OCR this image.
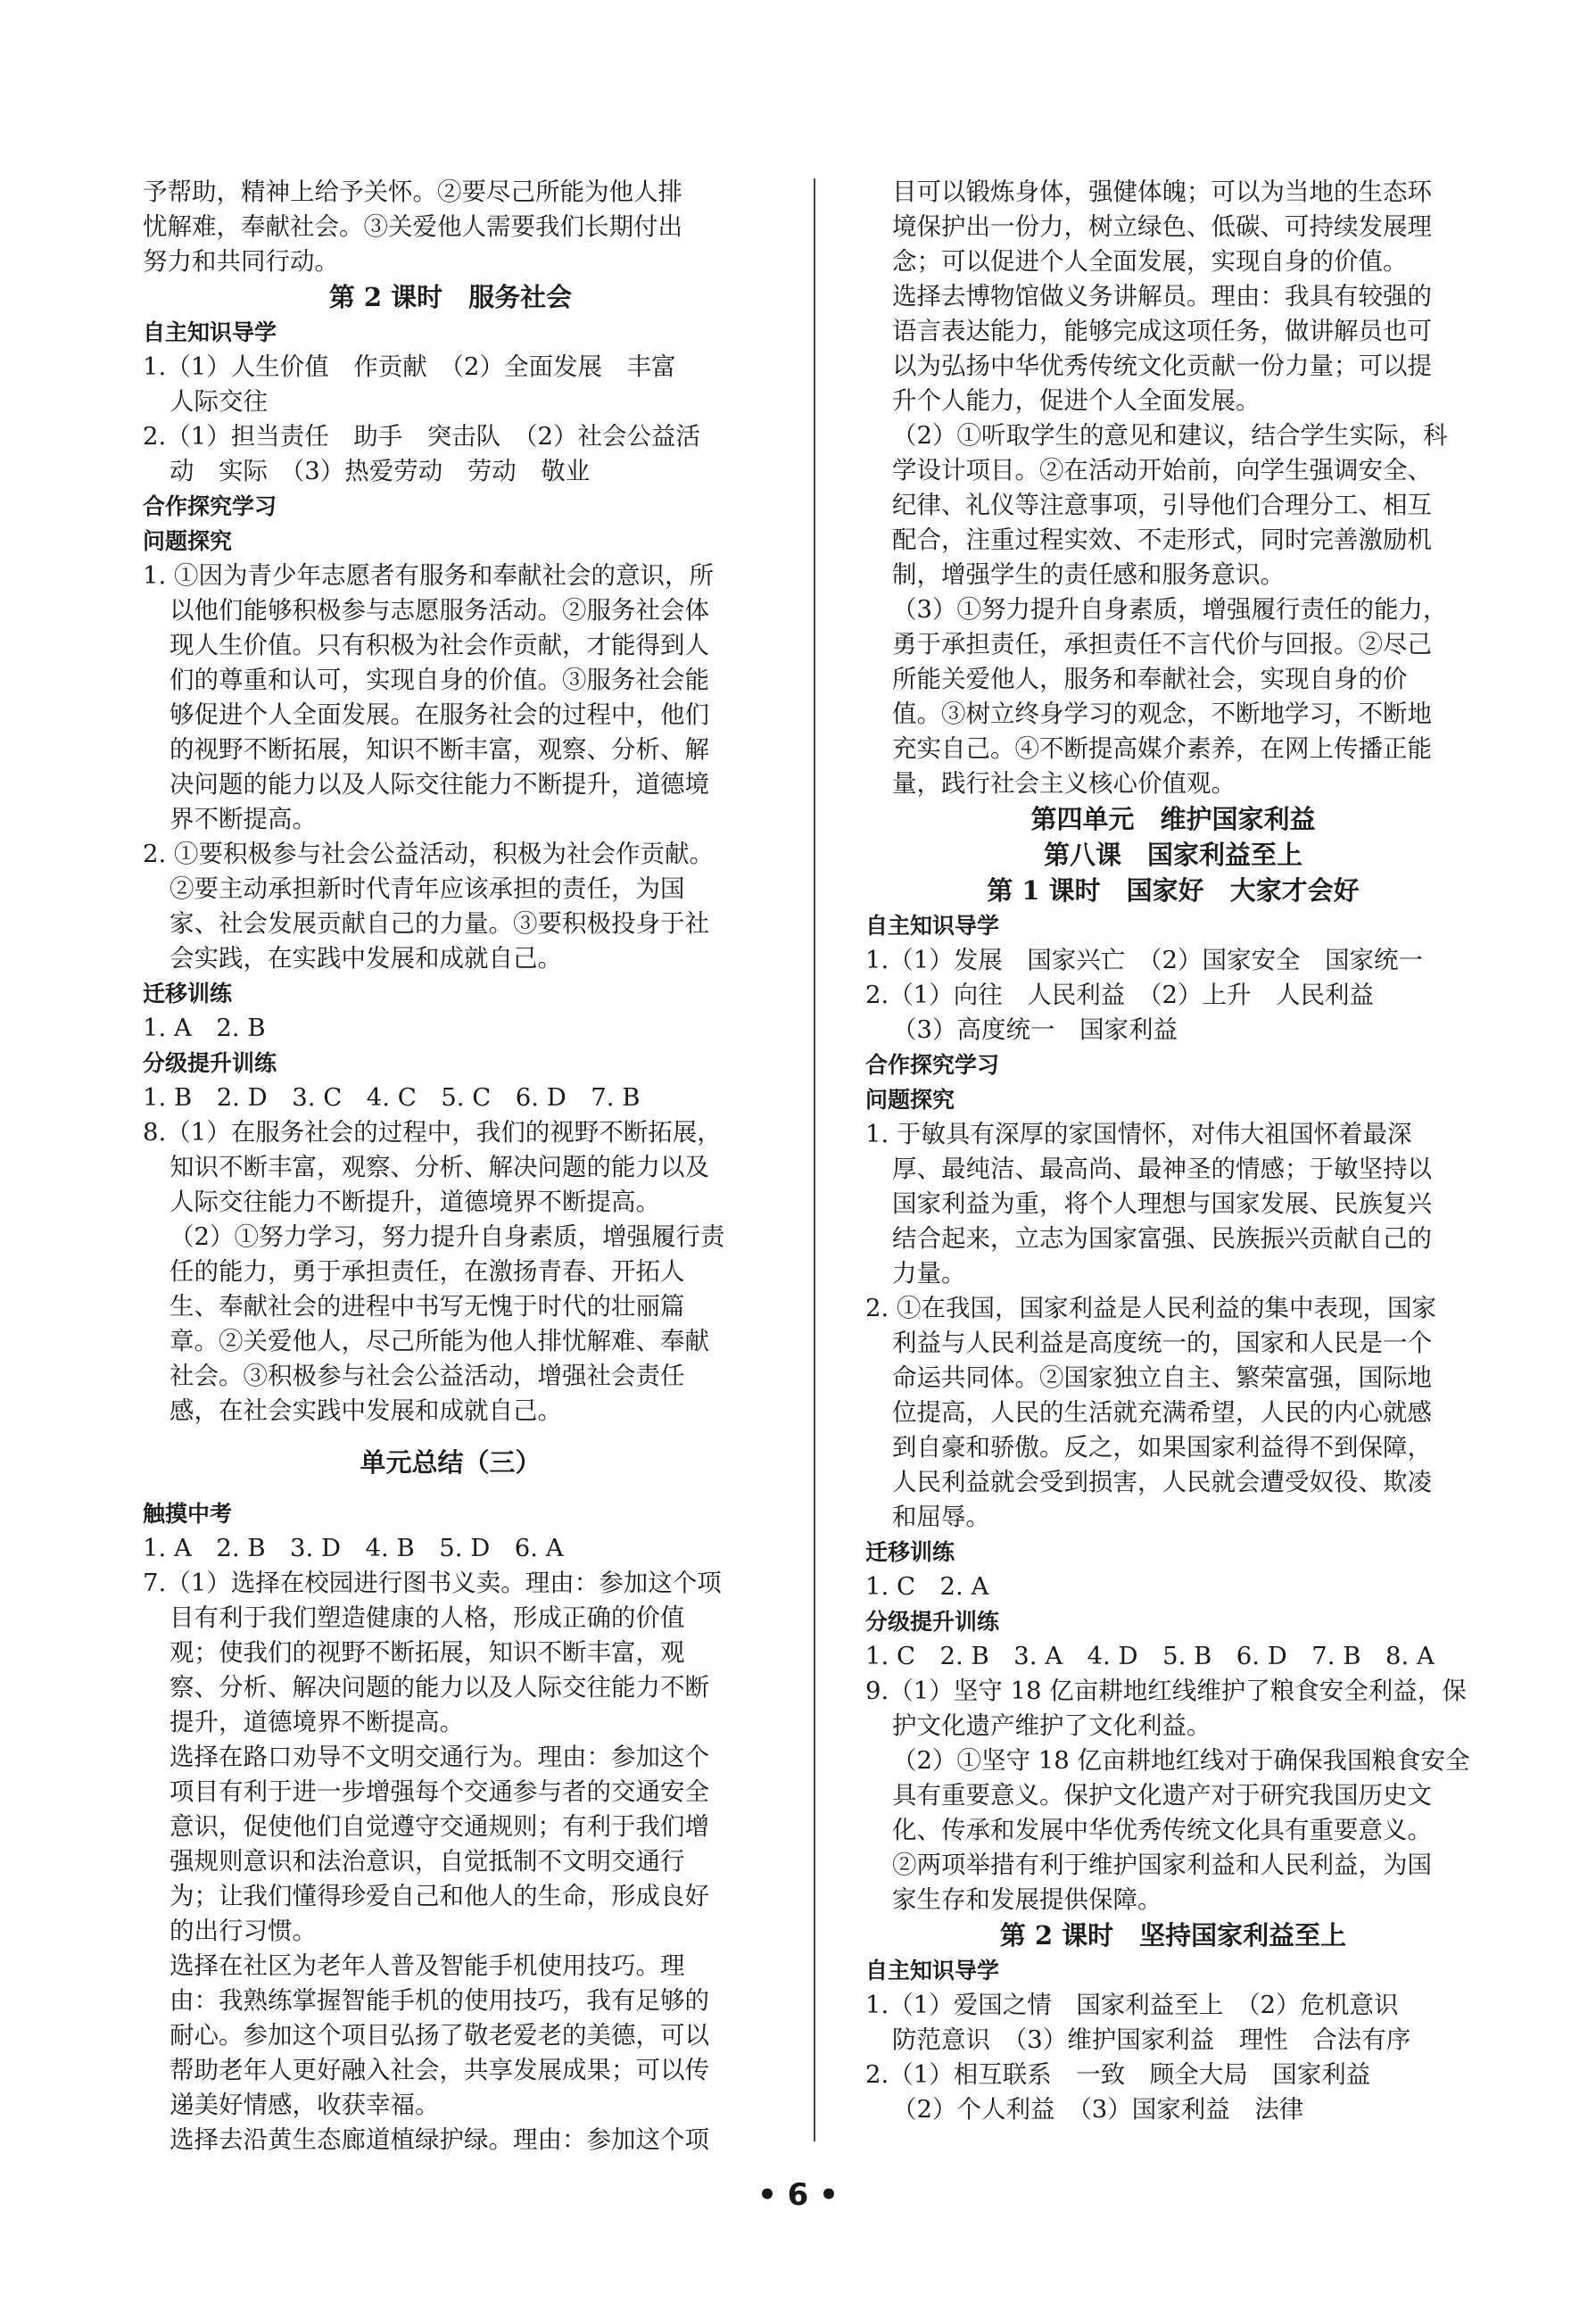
予帮助，精神上给予关怀。②要尽己所能为他人排
忧解难，奉献社会。③关爱他人需要我们长期付出
努力和共同行动。
第 2 课时　服务社会
自主知识导学
1.（1）人生价值　作贡献　（2）全面发展　丰富
人际交往
2.（1）担当责任　助手　突击队　（2）社会公益活
动　实际　（3）热爱劳动　劳动　敬业
合作探究学习
问题探究
1. ①因为青少年志愿者有服务和奉献社会的意识，所
以他们能够积极参与志愿服务活动。②服务社会体
现人生价值。只有积极为社会作贡献，才能得到人
们的尊重和认可，实现自身的价值。③服务社会能
够促进个人全面发展。在服务社会的过程中，他们
的视野不断拓展，知识不断丰富，观察、分析、解
决问题的能力以及人际交往能力不断提升，道德境
界不断提高。
2. ①要积极参与社会公益活动，积极为社会作贡献。
②要主动承担新时代青年应该承担的责任，为国
家、社会发展贡献自己的力量。③要积极投身于社
会实践，在实践中发展和成就自己。
迁移训练
1. A　2. B
分级提升训练
1. B　2. D　3. C　4. C　5. C　6. D　7. B
8.（1）在服务社会的过程中，我们的视野不断拓展，
知识不断丰富，观察、分析、解决问题的能力以及
人际交往能力不断提升，道德境界不断提高。
（2）①努力学习，努力提升自身素质，增强履行责
任的能力，勇于承担责任，在激扬青春、开拓人
生、奉献社会的进程中书写无愧于时代的壮丽篇
章。②关爱他人，尽己所能为他人排忧解难、奉献
社会。③积极参与社会公益活动，增强社会责任
感，在社会实践中发展和成就自己。
单元总结（三）
触摸中考
1. A　2. B　3. D　4. B　5. D　6. A
7.（1）选择在校园进行图书义卖。理由：参加这个项
目有利于我们塑造健康的人格，形成正确的价值
观；使我们的视野不断拓展，知识不断丰富，观
察、分析、解决问题的能力以及人际交往能力不断
提升，道德境界不断提高。
选择在路口劝导不文明交通行为。理由：参加这个
项目有利于进一步增强每个交通参与者的交通安全
意识，促使他们自觉遵守交通规则；有利于我们增
强规则意识和法治意识，自觉抵制不文明交通行
为；让我们懂得珍爱自己和他人的生命，形成良好
的出行习惯。
选择在社区为老年人普及智能手机使用技巧。理
由：我熟练掌握智能手机的使用技巧，我有足够的
耐心。参加这个项目弘扬了敬老爱老的美德，可以
帮助老年人更好融入社会，共享发展成果；可以传
递美好情感，收获幸福。
选择去沿黄生态廊道植绿护绿。理由：参加这个项
目可以锻炼身体，强健体魄；可以为当地的生态环
境保护出一份力，树立绿色、低碳、可持续发展理
念；可以促进个人全面发展，实现自身的价值。
选择去博物馆做义务讲解员。理由：我具有较强的
语言表达能力，能够完成这项任务，做讲解员也可
以为弘扬中华优秀传统文化贡献一份力量；可以提
升个人能力，促进个人全面发展。
（2）①听取学生的意见和建议，结合学生实际，科
学设计项目。②在活动开始前，向学生强调安全、
纪律、礼仪等注意事项，引导他们合理分工、相互
配合，注重过程实效、不走形式，同时完善激励机
制，增强学生的责任感和服务意识。
（3）①努力提升自身素质，增强履行责任的能力，
勇于承担责任，承担责任不言代价与回报。②尽己
所能关爱他人，服务和奉献社会，实现自身的价
值。③树立终身学习的观念，不断地学习，不断地
充实自己。④不断提高媒介素养，在网上传播正能
量，践行社会主义核心价值观。
第四单元　维护国家利益
第八课　国家利益至上
第 1 课时　国家好　大家才会好
自主知识导学
1.（1）发展　国家兴亡　（2）国家安全　国家统一
2.（1）向往　人民利益　（2）上升　人民利益
（3）高度统一　国家利益
合作探究学习
问题探究
1. 于敏具有深厚的家国情怀，对伟大祖国怀着最深
厚、最纯洁、最高尚、最神圣的情感；于敏坚持以
国家利益为重，将个人理想与国家发展、民族复兴
结合起来，立志为国家富强、民族振兴贡献自己的
力量。
2. ①在我国，国家利益是人民利益的集中表现，国家
利益与人民利益是高度统一的，国家和人民是一个
命运共同体。②国家独立自主、繁荣富强，国际地
位提高，人民的生活就充满希望，人民的内心就感
到自豪和骄傲。反之，如果国家利益得不到保障，
人民利益就会受到损害，人民就会遭受奴役、欺凌
和屈辱。
迁移训练
1. C　2. A
分级提升训练
1. C　2. B　3. A　4. D　5. B　6. D　7. B　8. A
9.（1）坚守 18 亿亩耕地红线维护了粮食安全利益，保
护文化遗产维护了文化利益。
（2）①坚守 18 亿亩耕地红线对于确保我国粮食安全
具有重要意义。保护文化遗产对于研究我国历史文
化、传承和发展中华优秀传统文化具有重要意义。
②两项举措有利于维护国家利益和人民利益，为国
家生存和发展提供保障。
第 2 课时　坚持国家利益至上
自主知识导学
1.（1）爱国之情　国家利益至上　（2）危机意识
防范意识　（3）维护国家利益　理性　合法有序
2.（1）相互联系　一致　顾全大局　国家利益
（2）个人利益　（3）国家利益　法律
• 6 •
